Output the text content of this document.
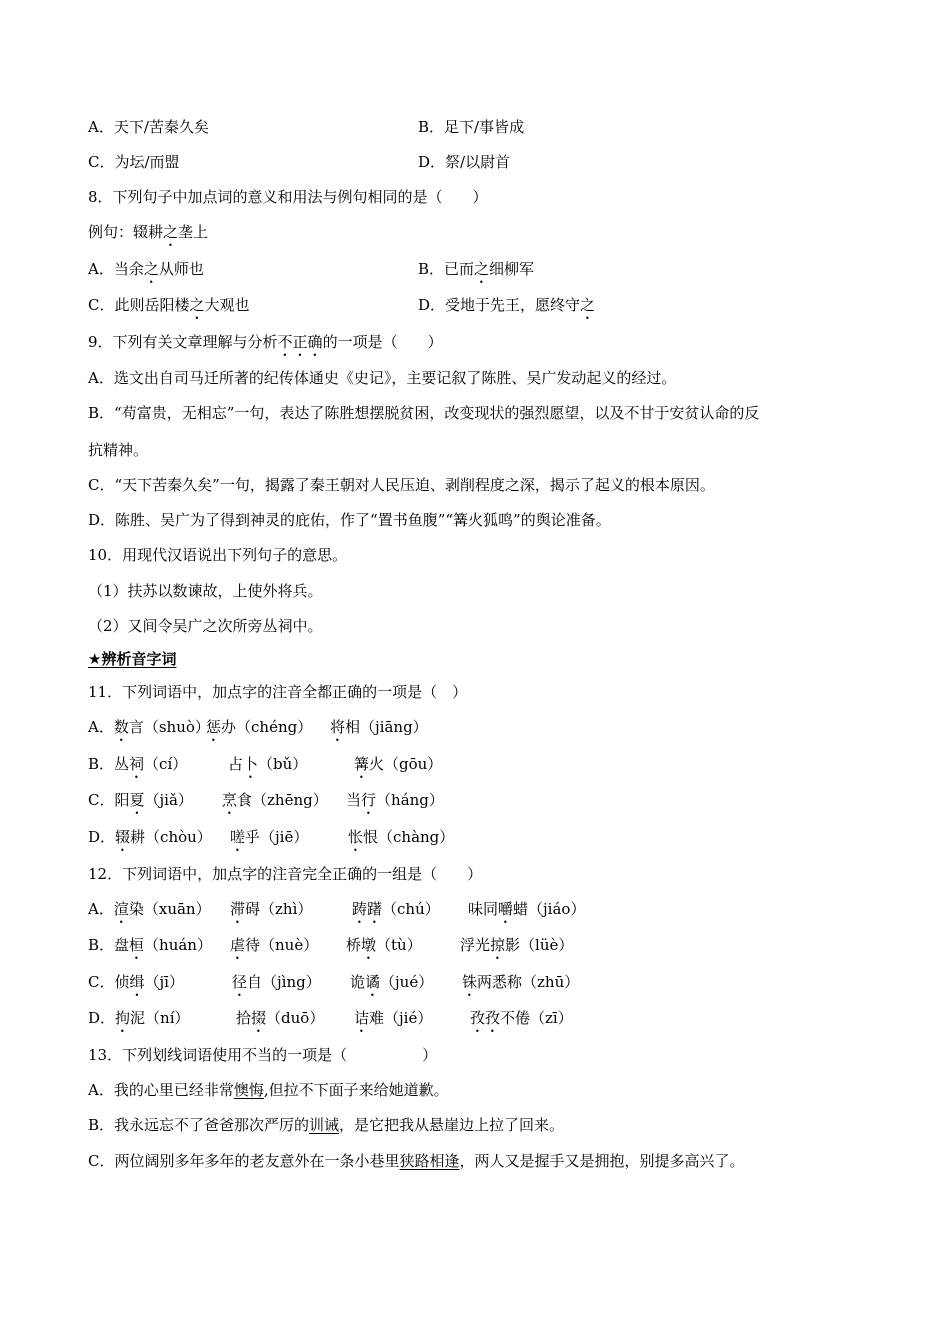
A．天下/苦秦久矣	B．足下/事皆成
C．为坛/而盟	D．祭/以尉首
8．下列句子中加点词的意义和用法与例句相同的是（　　）
例句：辍耕之垄上
A．当余之从师也	B．已而之细柳军
C．此则岳阳楼之大观也	D．受地于先王，愿终守之
9．下列有关文章理解与分析不正确的一项是（　　）
A．选文出自司马迁所著的纪传体通史《史记》，主要记叙了陈胜、吴广发动起义的经过。
B．“苟富贵，无相忘”一句，表达了陈胜想摆脱贫困，改变现状的强烈愿望，以及不甘于安贫认命的反
抗精神。
C．“天下苦秦久矣”一句，揭露了秦王朝对人民压迫、剥削程度之深，揭示了起义的根本原因。
D．陈胜、吴广为了得到神灵的庇佑，作了“置书鱼腹”“篝火狐鸣”的舆论准备。
10．用现代汉语说出下列句子的意思。
（1）扶苏以数谏故，上使外将兵。
（2）又间令吴广之次所旁丛祠中。
★辨析音字词
11．下列词语中，加点字的注音全都正确的一项是（　）
A．数言（shuò）惩办（chéng） 将相（jiāng）
B．丛祠（cí）	占卜（bǔ）	篝火（gōu）
C．阳夏（jiǎ） 烹食（zhēng） 当行（háng）
D．辍耕（chòu） 嗟乎（jiē）	怅恨（chàng）
12．下列词语中，加点字的注音完全正确的一组是（　　）
A．渲染（xuān） 滞碍（zhì）	踌躇（chú） 味同嚼蜡（jiáo）
B．盘桓（huán） 虐待（nuè） 桥墩（tù）	浮光掠影（lüè）
C．侦缉（jī）	径自（jìng） 诡谲（jué） 铢两悉称（zhū）
D．拘泥（ní）	拾掇（duō） 诘难（jié）	孜孜不倦（zī）
13．下列划线词语使用不当的一项是（　　　　　）
A．我的心里已经非常懊悔,但拉不下面子来给她道歉。
B．我永远忘不了爸爸那次严厉的训诫，是它把我从悬崖边上拉了回来。
C．两位阔别多年多年的老友意外在一条小巷里狭路相逢，两人又是握手又是拥抱，别提多高兴了。
